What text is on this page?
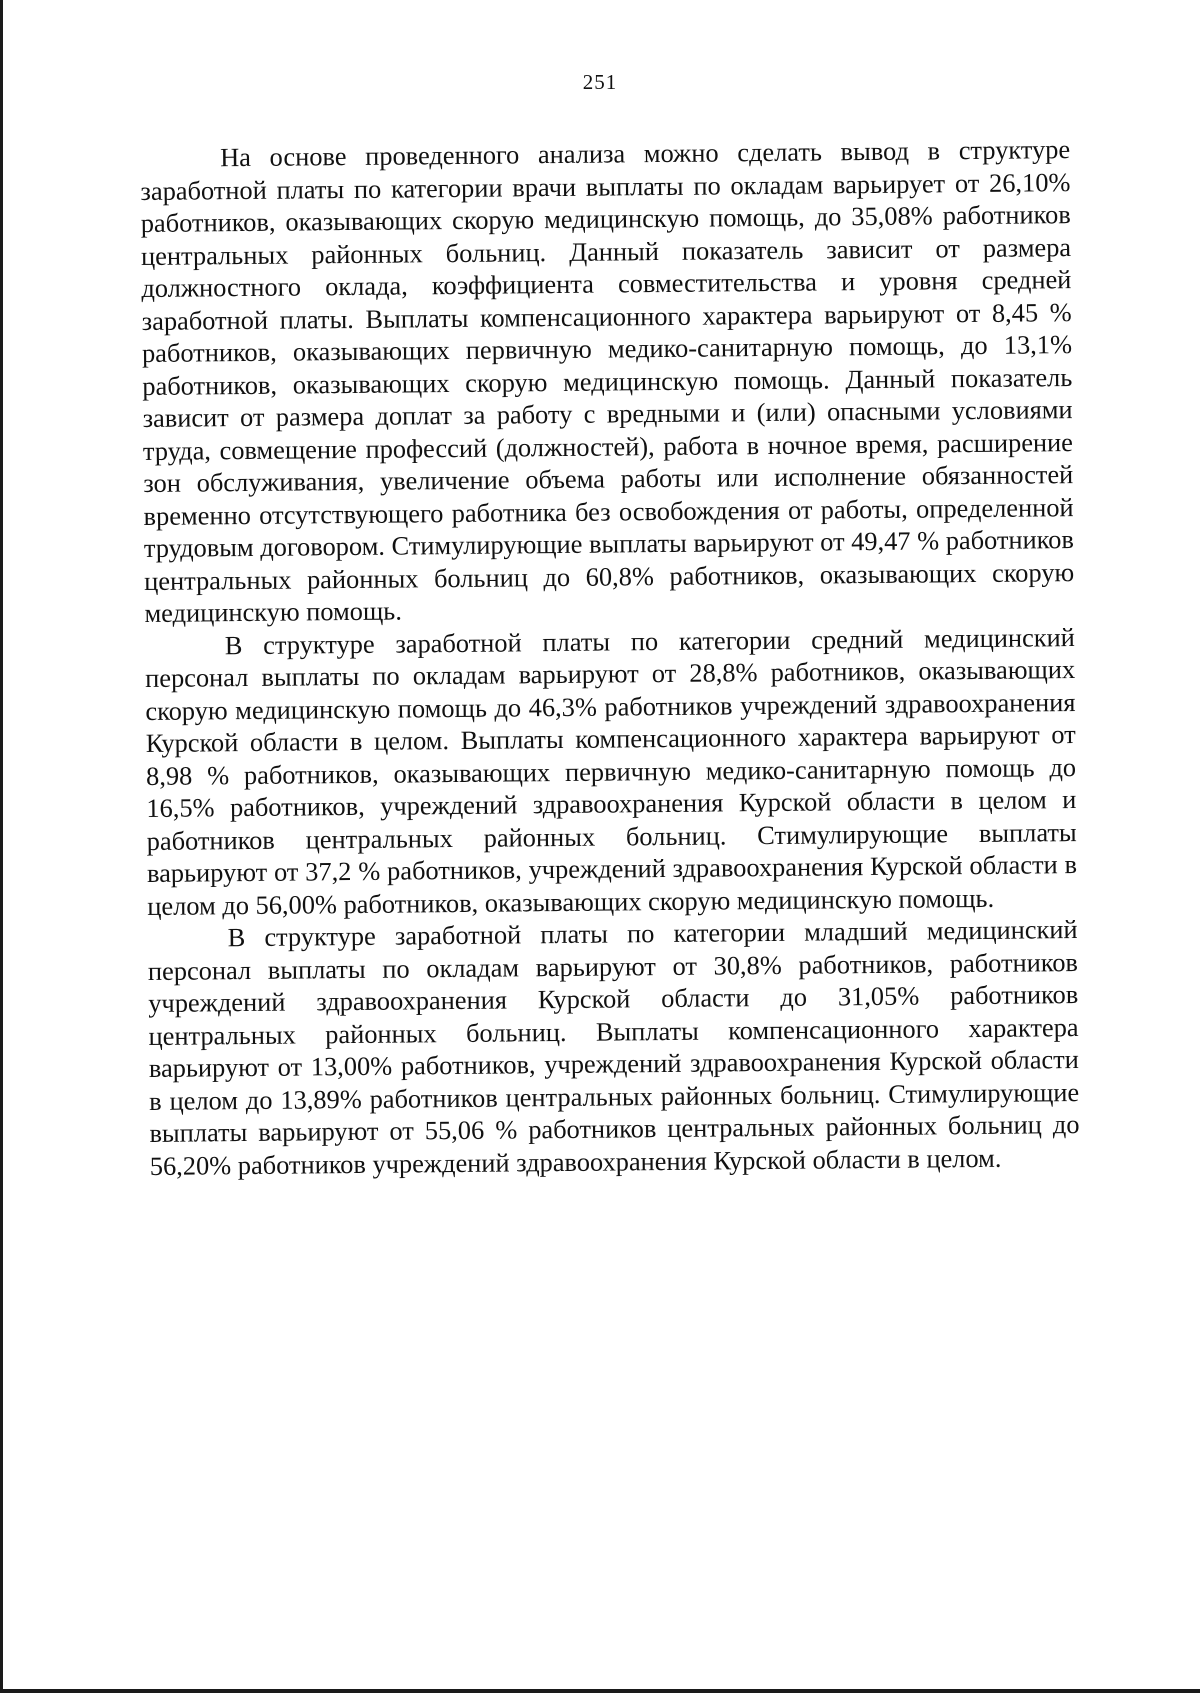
251

На основе проведенного анализа можно сделать вывод в структуре заработной платы по категории врачи выплаты по окладам варьирует от 26,10% работников, оказывающих скорую медицинскую помощь, до 35,08% работников центральных районных больниц. Данный показатель зависит от размера должностного оклада, коэффициента совместительства и уровня средней заработной платы. Выплаты компенсационного характера варьируют от 8,45 % работников, оказывающих первичную медико-санитарную помощь, до 13,1% работников, оказывающих скорую медицинскую помощь. Данный показатель зависит от размера доплат за работу с вредными и (или) опасными условиями труда, совмещение профессий (должностей), работа в ночное время, расширение зон обслуживания, увеличение объема работы или исполнение обязанностей временно отсутствующего работника без освобождения от работы, определенной трудовым договором. Стимулирующие выплаты варьируют от 49,47 % работников центральных районных больниц до 60,8% работников, оказывающих скорую медицинскую помощь.

В структуре заработной платы по категории средний медицинский персонал выплаты по окладам варьируют от 28,8% работников, оказывающих скорую медицинскую помощь до 46,3% работников учреждений здравоохранения Курской области в целом. Выплаты компенсационного характера варьируют от 8,98 % работников, оказывающих первичную медико-санитарную помощь до 16,5% работников, учреждений здравоохранения Курской области в целом и работников центральных районных больниц. Стимулирующие выплаты варьируют от 37,2 % работников, учреждений здравоохранения Курской области в целом до 56,00% работников, оказывающих скорую медицинскую помощь.

В структуре заработной платы по категории младший медицинский персонал выплаты по окладам варьируют от 30,8% работников, работников учреждений здравоохранения Курской области до 31,05% работников центральных районных больниц. Выплаты компенсационного характера варьируют от 13,00% работников, учреждений здравоохранения Курской области в целом до 13,89% работников центральных районных больниц. Стимулирующие выплаты варьируют от 55,06 % работников центральных районных больниц до 56,20% работников учреждений здравоохранения Курской области в целом.
